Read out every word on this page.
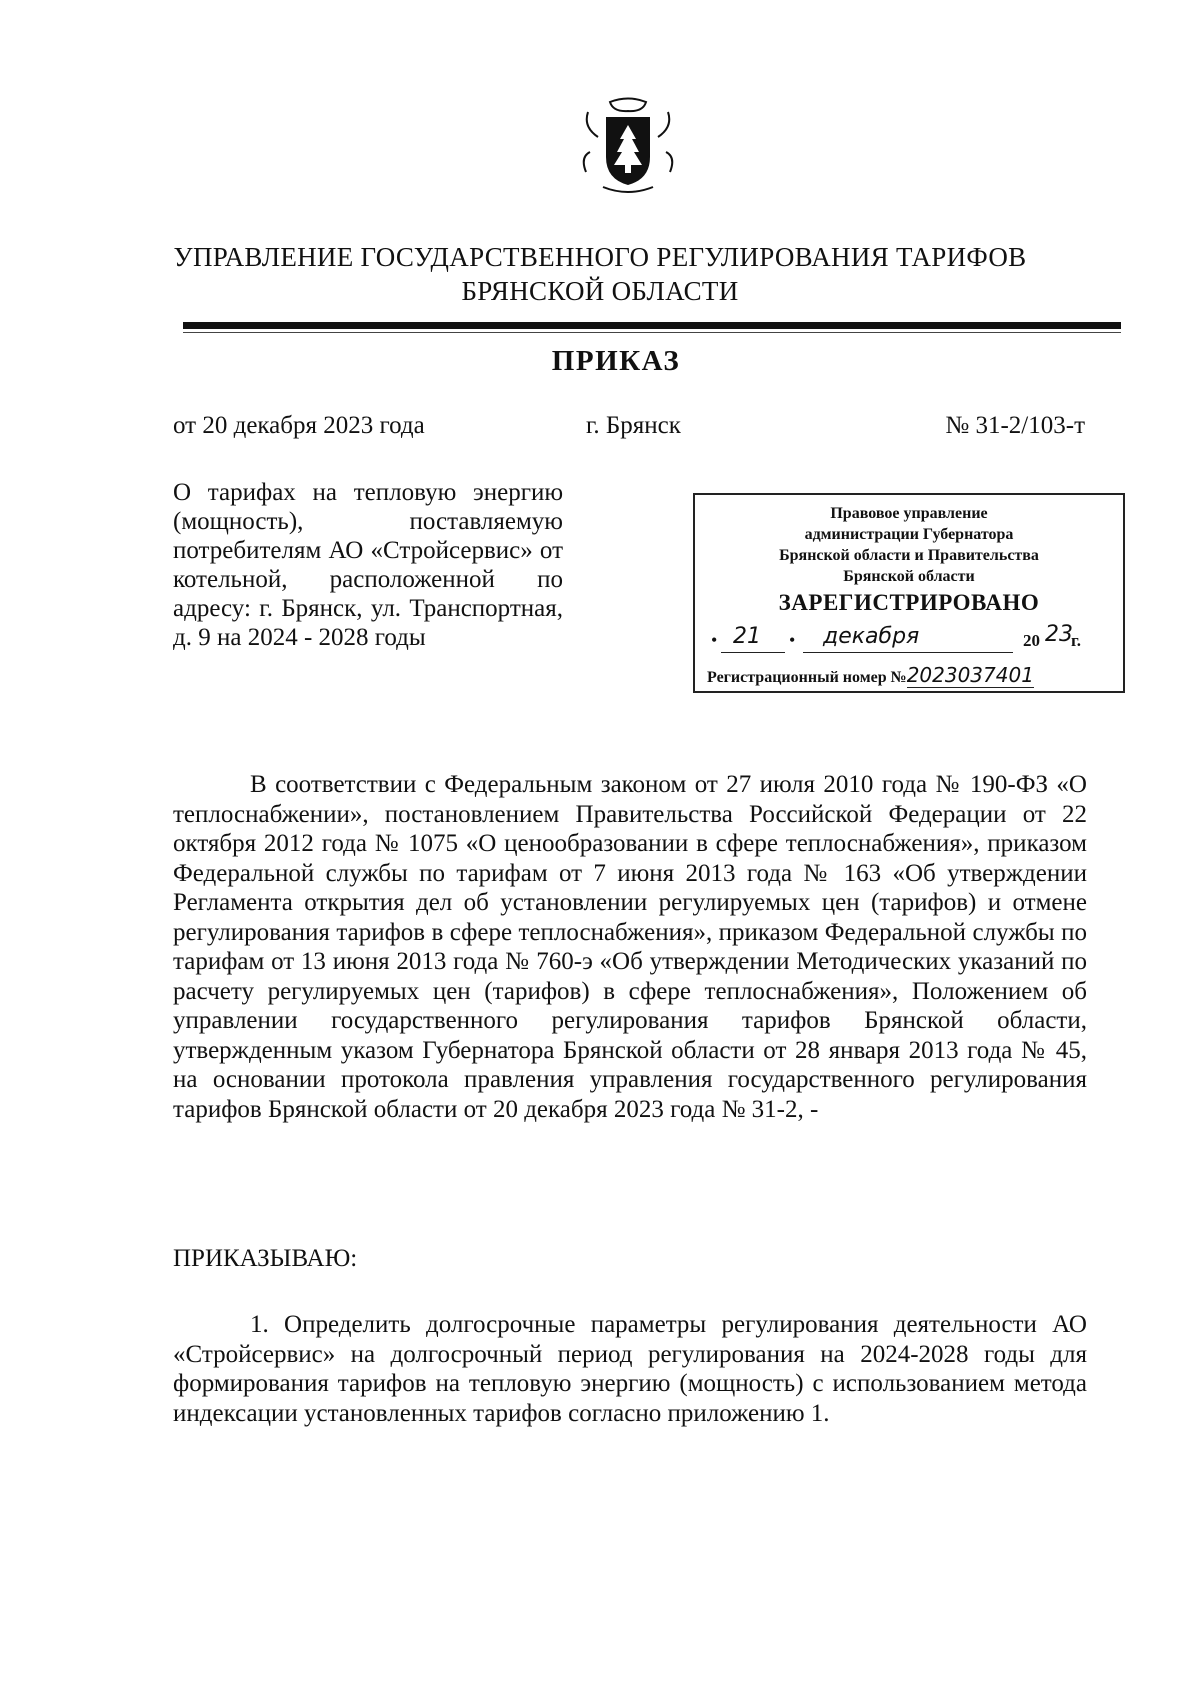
УПРАВЛЕНИЕ ГОСУДАРСТВЕННОГО РЕГУЛИРОВАНИЯ ТАРИФОВ
БРЯНСКОЙ ОБЛАСТИ
ПРИКАЗ
от 20 декабря 2023 года	г. Брянск	№ 31-2/103-т
О тарифах на тепловую энергию (мощность), поставляемую потребителям АО «Стройсервис» от котельной, расположенной по адресу: г. Брянск, ул. Транспортная, д. 9 на 2024 - 2028 годы
Правовое управление
администрации Губернатора
Брянской области и Правительства
Брянской области
ЗАРЕГИСТРИРОВАНО
• 21 • декабря	20 23
г.
Регистрационный номер №2023037401

В соответствии с Федеральным законом от 27 июля 2010 года № 190-ФЗ «О теплоснабжении», постановлением Правительства Российской Федерации от 22 октября 2012 года № 1075 «О ценообразовании в сфере теплоснабжения», приказом Федеральной службы по тарифам от 7 июня 2013 года № 163 «Об утверждении Регламента открытия дел об установлении регулируемых цен (тарифов) и отмене регулирования тарифов в сфере теплоснабжения», приказом Федеральной службы по тарифам от 13 июня 2013 года № 760-э «Об утверждении Методических указаний по расчету регулируемых цен (тарифов) в сфере теплоснабжения», Положением об управлении государственного регулирования тарифов Брянской области, утвержденным указом Губернатора Брянской области от 28 января 2013 года № 45, на основании протокола правления управления государственного регулирования тарифов Брянской области от 20 декабря 2023 года № 31-2, -

ПРИКАЗЫВАЮ:

1. Определить долгосрочные параметры регулирования деятельности АО «Стройсервис» на долгосрочный период регулирования на 2024-2028 годы для формирования тарифов на тепловую энергию (мощность) с использованием метода индексации установленных тарифов согласно приложению 1.
